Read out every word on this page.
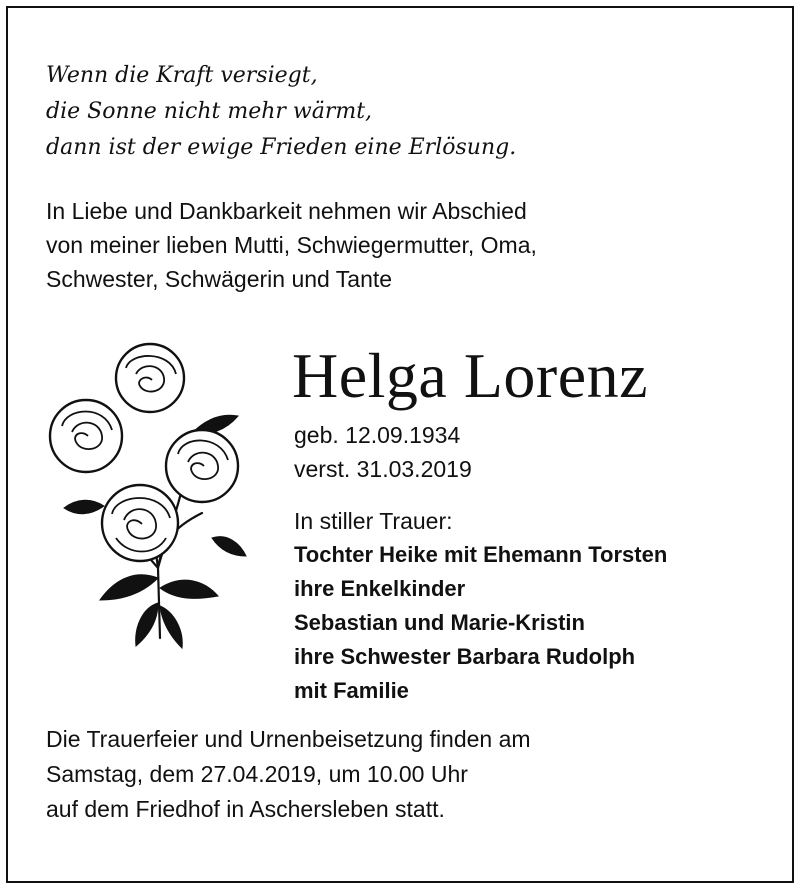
Wenn die Kraft versiegt,
die Sonne nicht mehr wärmt,
dann ist der ewige Frieden eine Erlösung.
In Liebe und Dankbarkeit nehmen wir Abschied
von meiner lieben Mutti, Schwiegermutter, Oma,
Schwester, Schwägerin und Tante
Helga Lorenz
geb. 12.09.1934
verst. 31.03.2019
In stiller Trauer:
Tochter Heike mit Ehemann Torsten
ihre Enkelkinder
Sebastian und Marie-Kristin
ihre Schwester Barbara Rudolph
mit Familie
Die Trauerfeier und Urnenbeisetzung finden am
Samstag, dem 27.04.2019, um 10.00 Uhr
auf dem Friedhof in Aschersleben statt.
